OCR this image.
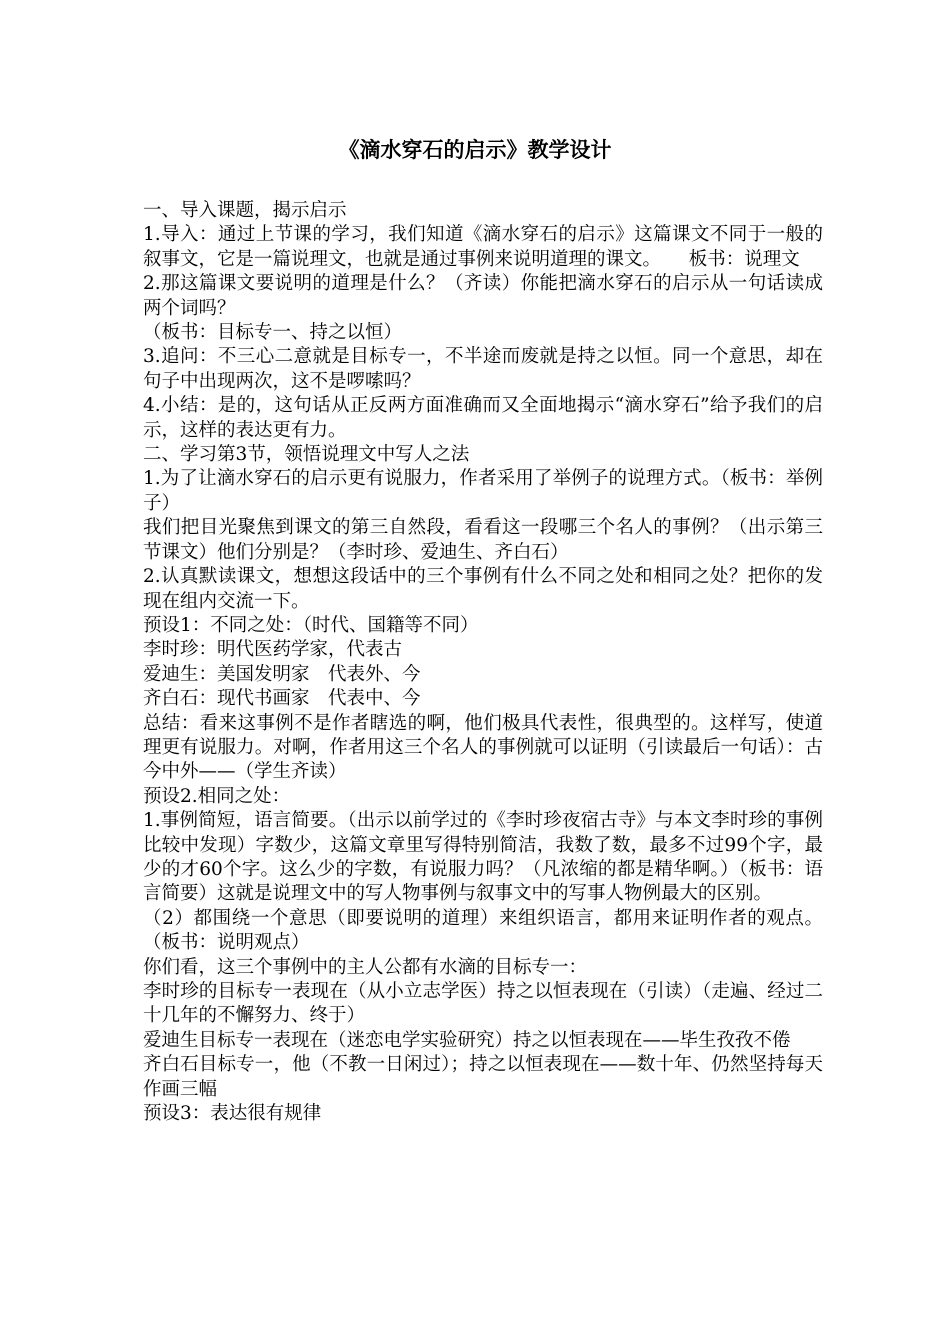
《滴水穿石的启示》教学设计

一、导入课题，揭示启示

1.导入：通过上节课的学习，我们知道《滴水穿石的启示》这篇课文不同于一般的叙事文，它是一篇说理文，也就是通过事例来说明道理的课文。　　板书：说理文

2.那这篇课文要说明的道理是什么？（齐读）你能把滴水穿石的启示从一句话读成两个词吗？

（板书：目标专一、持之以恒）

3.追问：不三心二意就是目标专一，不半途而废就是持之以恒。同一个意思，却在句子中出现两次，这不是啰嗦吗？

4.小结：是的，这句话从正反两方面准确而又全面地揭示“滴水穿石”给予我们的启示，这样的表达更有力。

二、学习第3节，领悟说理文中写人之法

1.为了让滴水穿石的启示更有说服力，作者采用了举例子的说理方式。（板书：举例子）

我们把目光聚焦到课文的第三自然段，看看这一段哪三个名人的事例？（出示第三节课文）他们分别是？（李时珍、爱迪生、齐白石）

2.认真默读课文，想想这段话中的三个事例有什么不同之处和相同之处？把你的发现在组内交流一下。

预设1：不同之处：（时代、国籍等不同）

李时珍：明代医药学家，代表古

爱迪生：美国发明家　代表外、今

齐白石：现代书画家　代表中、今

总结：看来这事例不是作者瞎选的啊，他们极具代表性，很典型的。这样写，使道理更有说服力。对啊，作者用这三个名人的事例就可以证明（引读最后一句话）：古今中外——（学生齐读）

预设2.相同之处：

1.事例简短，语言简要。（出示以前学过的《李时珍夜宿古寺》与本文李时珍的事例比较中发现）字数少，这篇文章里写得特别简洁，我数了数，最多不过99个字，最少的才60个字。这么少的字数，有说服力吗？（凡浓缩的都是精华啊。）（板书：语言简要）这就是说理文中的写人物事例与叙事文中的写事人物例最大的区别。

（2）都围绕一个意思（即要说明的道理）来组织语言，都用来证明作者的观点。（板书：说明观点）

你们看，这三个事例中的主人公都有水滴的目标专一：

李时珍的目标专一表现在（从小立志学医）持之以恒表现在（引读）（走遍、经过二十几年的不懈努力、终于）

爱迪生目标专一表现在（迷恋电学实验研究）持之以恒表现在——毕生孜孜不倦

齐白石目标专一，他（不教一日闲过）；持之以恒表现在——数十年、仍然坚持每天作画三幅

预设3：表达很有规律
